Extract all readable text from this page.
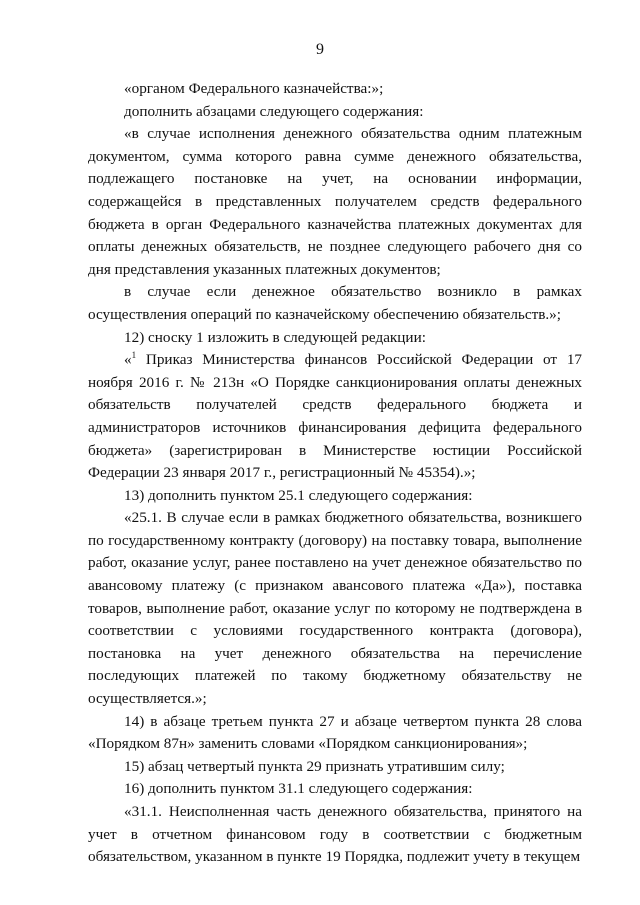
9

«органом Федерального казначейства:»;

дополнить абзацами следующего содержания:

«в случае исполнения денежного обязательства одним платежным документом, сумма которого равна сумме денежного обязательства, подлежащего постановке на учет, на основании информации, содержащейся в представленных получателем средств федерального бюджета в орган Федерального казначейства платежных документах для оплаты денежных обязательств, не позднее следующего рабочего дня со дня представления указанных платежных документов;

в случае если денежное обязательство возникло в рамках осуществления операций по казначейскому обеспечению обязательств.»;

12) сноску 1 изложить в следующей редакции:

«$^1$ Приказ Министерства финансов Российской Федерации от 17 ноября 2016 г. № 213н «О Порядке санкционирования оплаты денежных обязательств получателей средств федерального бюджета и администраторов источников финансирования дефицита федерального бюджета» (зарегистрирован в Министерстве юстиции Российской Федерации 23 января 2017 г., регистрационный № 45354).»;

13) дополнить пунктом 25.1 следующего содержания:

«25.1. В случае если в рамках бюджетного обязательства, возникшего по государственному контракту (договору) на поставку товара, выполнение работ, оказание услуг, ранее поставлено на учет денежное обязательство по авансовому платежу (с признаком авансового платежа «Да»), поставка товаров, выполнение работ, оказание услуг по которому не подтверждена в соответствии с условиями государственного контракта (договора), постановка на учет денежного обязательства на перечисление последующих платежей по такому бюджетному обязательству не осуществляется.»;

14) в абзаце третьем пункта 27 и абзаце четвертом пункта 28 слова «Порядком 87н» заменить словами «Порядком санкционирования»;

15) абзац четвертый пункта 29 признать утратившим силу;

16) дополнить пунктом 31.1 следующего содержания:

«31.1. Неисполненная часть денежного обязательства, принятого на учет в отчетном финансовом году в соответствии с бюджетным обязательством, указанном в пункте 19 Порядка, подлежит учету в текущем
